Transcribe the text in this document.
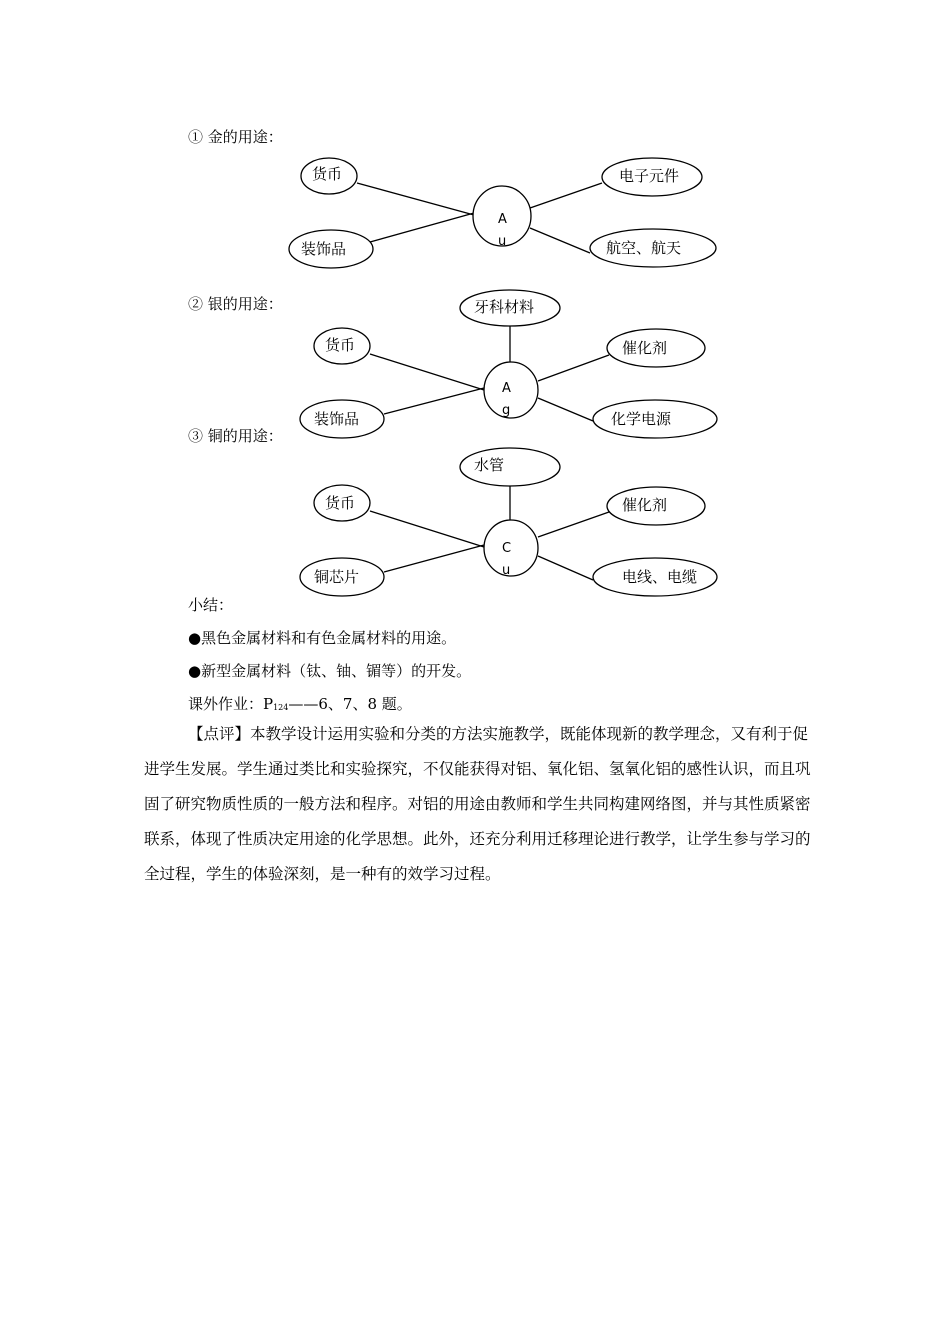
① 金的用途：
② 银的用途：
③ 铜的用途：
A
u
货币
装饰品
电子元件
航空、航天
A
g
牙科材料
货币
装饰品
催化剂
化学电源
C
u
水管
货币
铜芯片
催化剂
电线、电缆
小结：
●黑色金属材料和有色金属材料的用途。
●新型金属材料（钛、铀、镅等）的开发。
课外作业：$P_{124}——6$、7、8 题。
【点评】本教学设计运用实验和分类的方法实施教学，既能体现新的教学理念，又有利于促进学生发展。学生通过类比和实验探究，不仅能获得对铝、氧化铝、氢氧化铝的感性认识，而且巩固了研究物质性质的一般方法和程序。对铝的用途由教师和学生共同构建网络图，并与其性质紧密联系，体现了性质决定用途的化学思想。此外，还充分利用迁移理论进行教学，让学生参与学习的全过程，学生的体验深刻，是一种有的效学习过程。
